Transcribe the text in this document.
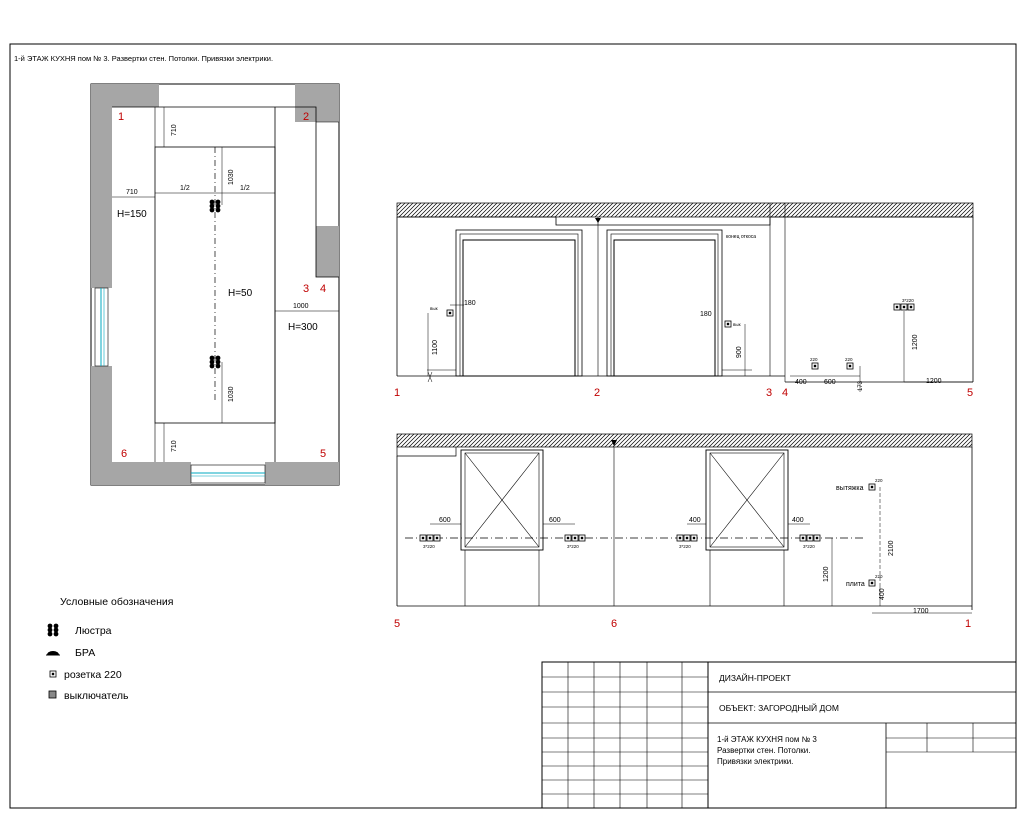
1-й ЭТАЖ КУХНЯ пом № 3. Развертки стен. Потолки. Привязки электрики.
710
710
1/2	1/2
1030
1030
710
1000
H=150
H=50
H=300
1	2
3 4
5
6
вык
1100
180
вык
180
900
конец откоса
220	220
400 600	173
3*220
1200
1200
1	2	3 4	5
3*220	3*220	3*220	3*220
600	600	400	400
1200
вытяжка
220
плита
220
2100
400
1700
5	6	1
Условные обозначения
Люстра
БРА
розетка 220
выключатель
ДИЗАЙН-ПРОЕКТ
ОБЪЕКТ: ЗАГОРОДНЫЙ ДОМ
1-й ЭТАЖ КУХНЯ пом № 3
Развертки стен. Потолки.
Привязки электрики.
